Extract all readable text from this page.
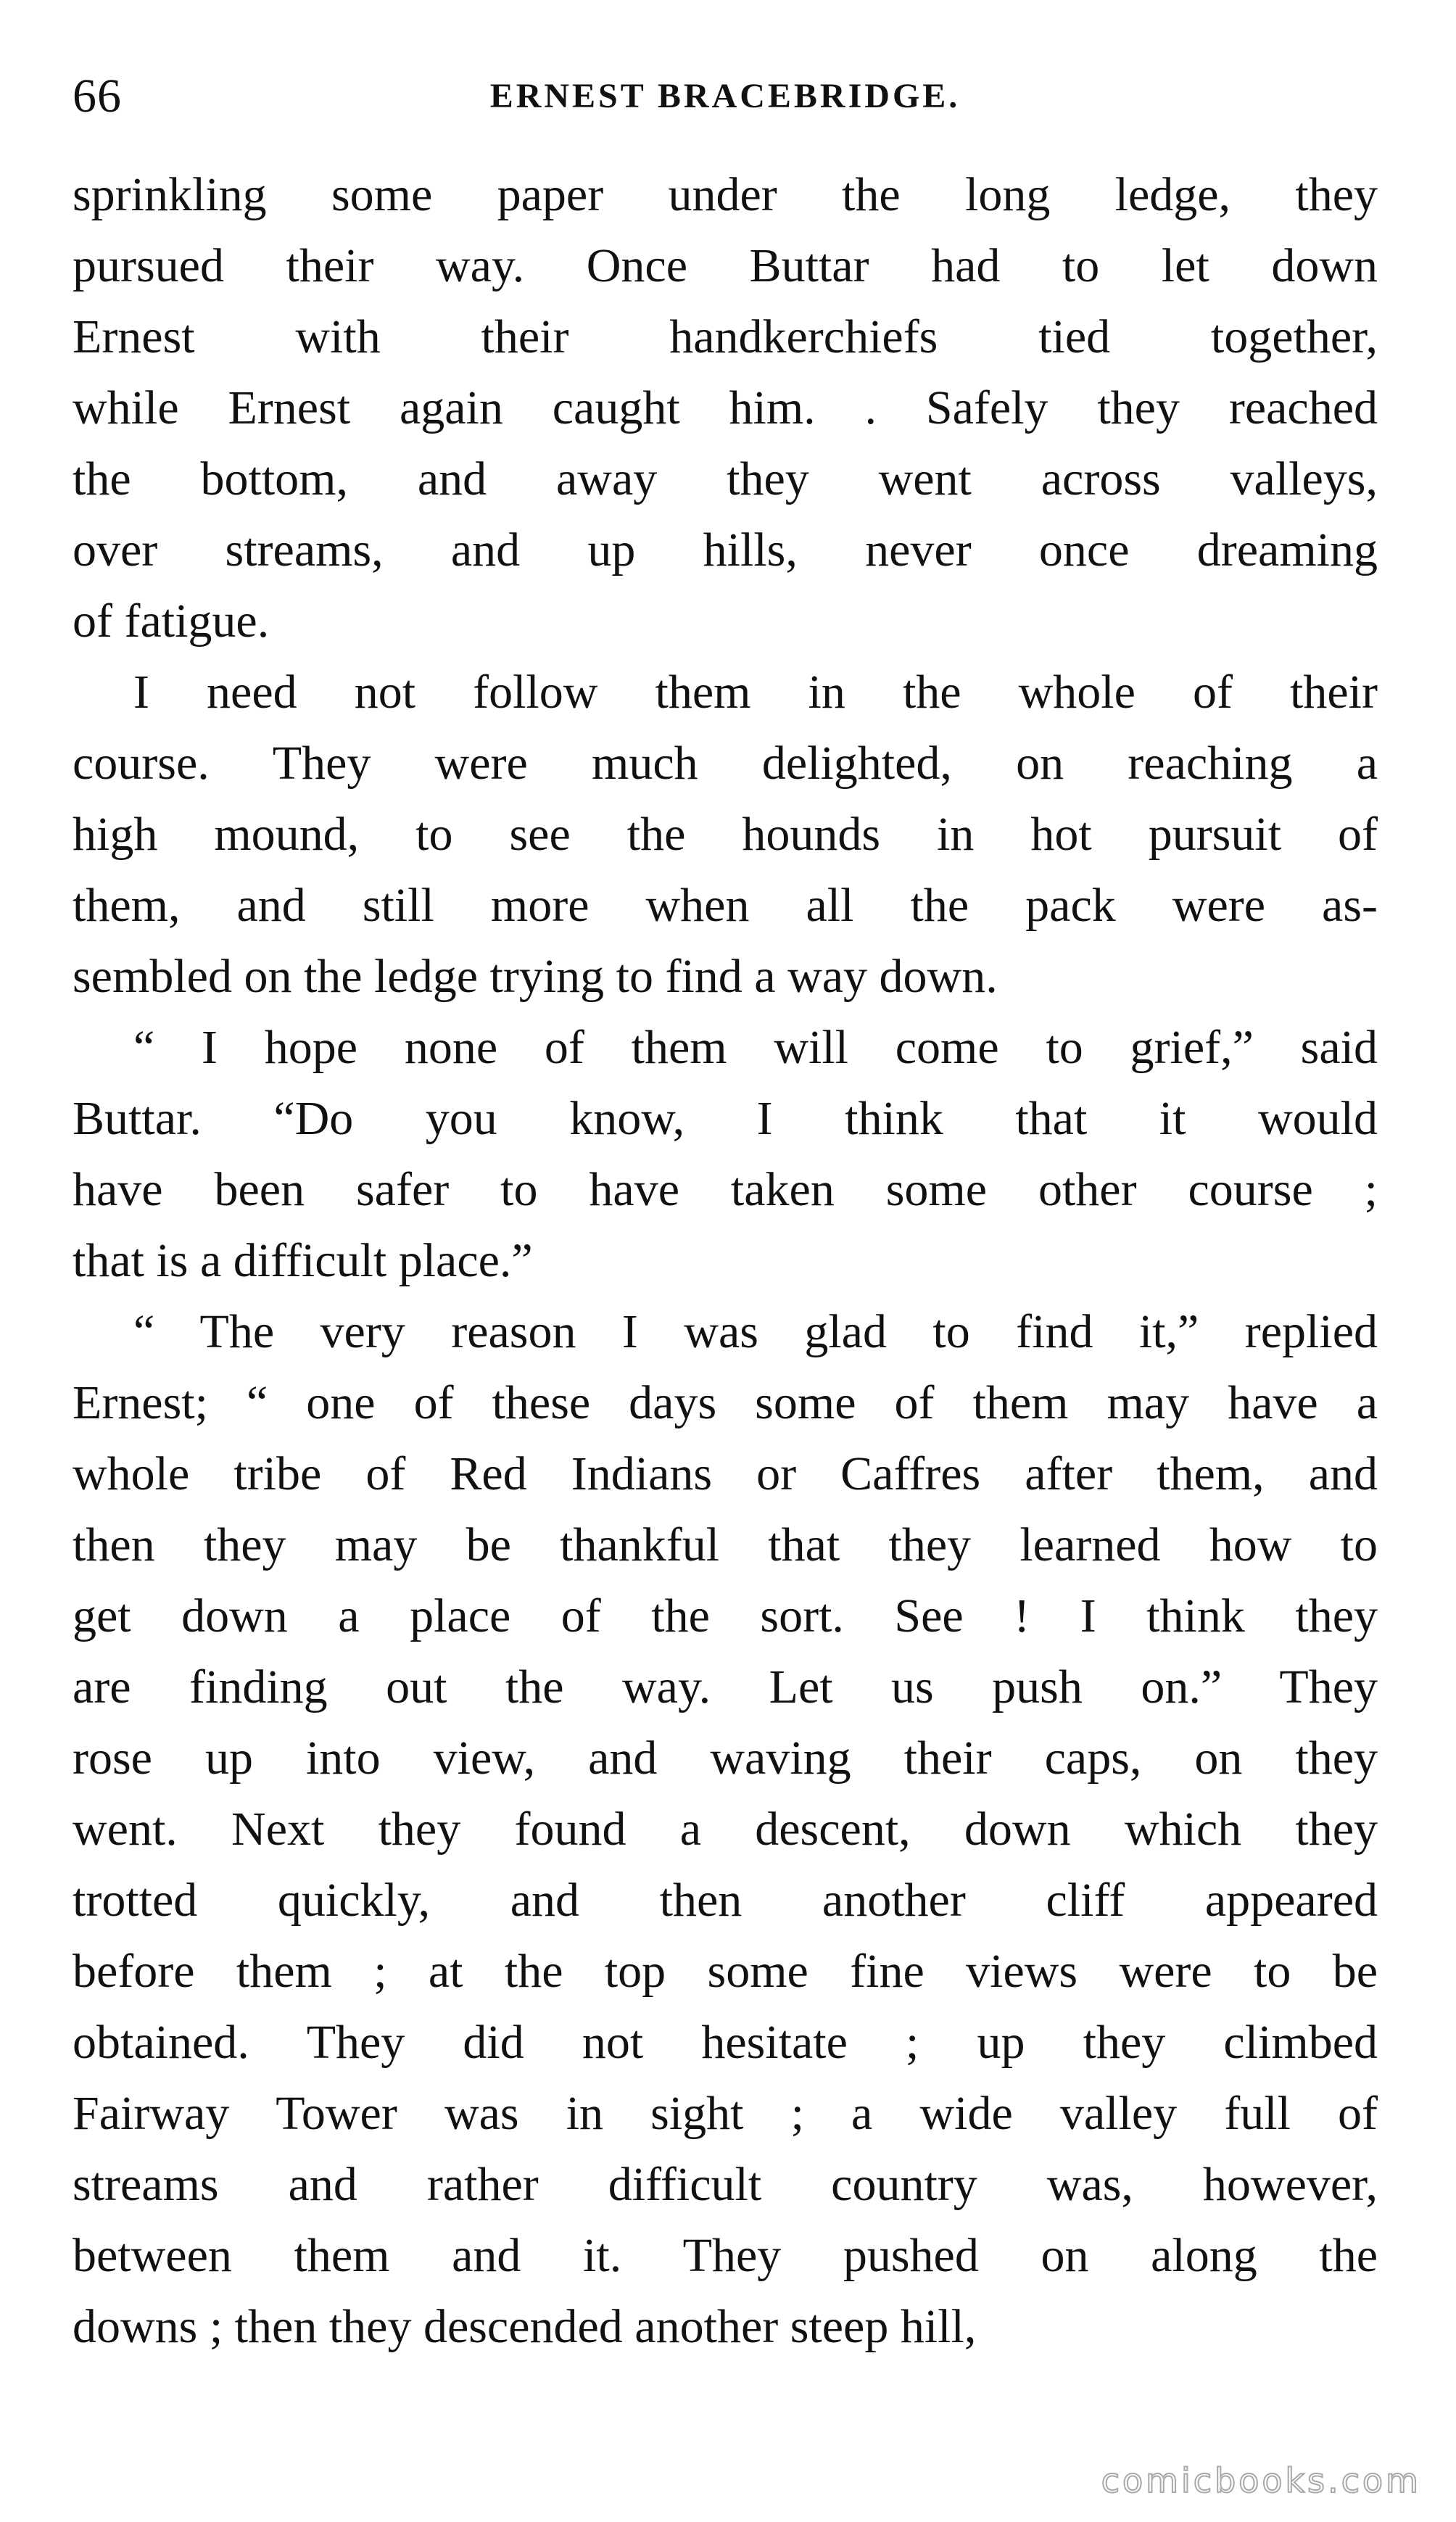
66	ERNEST BRACEBRIDGE.
sprinkling some paper under the long ledge, they
pursued their way. Once Buttar had to let down
Ernest with their handkerchiefs tied together,
while Ernest again caught him. . Safely they reached
the bottom, and away they went across valleys,
over streams, and up hills, never once dreaming
of fatigue.
I need not follow them in the whole of their
course. They were much delighted, on reaching a
high mound, to see the hounds in hot pursuit of
them, and still more when all the pack were as-
sembled on the ledge trying to find a way down.
“ I hope none of them will come to grief,” said
Buttar. “Do you know, I think that it would
have been safer to have taken some other course ;
that is a difficult place.”
“ The very reason I was glad to find it,” replied
Ernest; “ one of these days some of them may have a
whole tribe of Red Indians or Caffres after them, and
then they may be thankful that they learned how to
get down a place of the sort. See ! I think they
are finding out the way. Let us push on.” They
rose up into view, and waving their caps, on they
went. Next they found a descent, down which they
trotted quickly, and then another cliff appeared
before them ; at the top some fine views were to be
obtained. They did not hesitate ; up they climbed
Fairway Tower was in sight ; a wide valley full of
streams and rather difficult country was, however,
between them and it. They pushed on along the
downs ; then they descended another steep hill,
comicbooks.com
